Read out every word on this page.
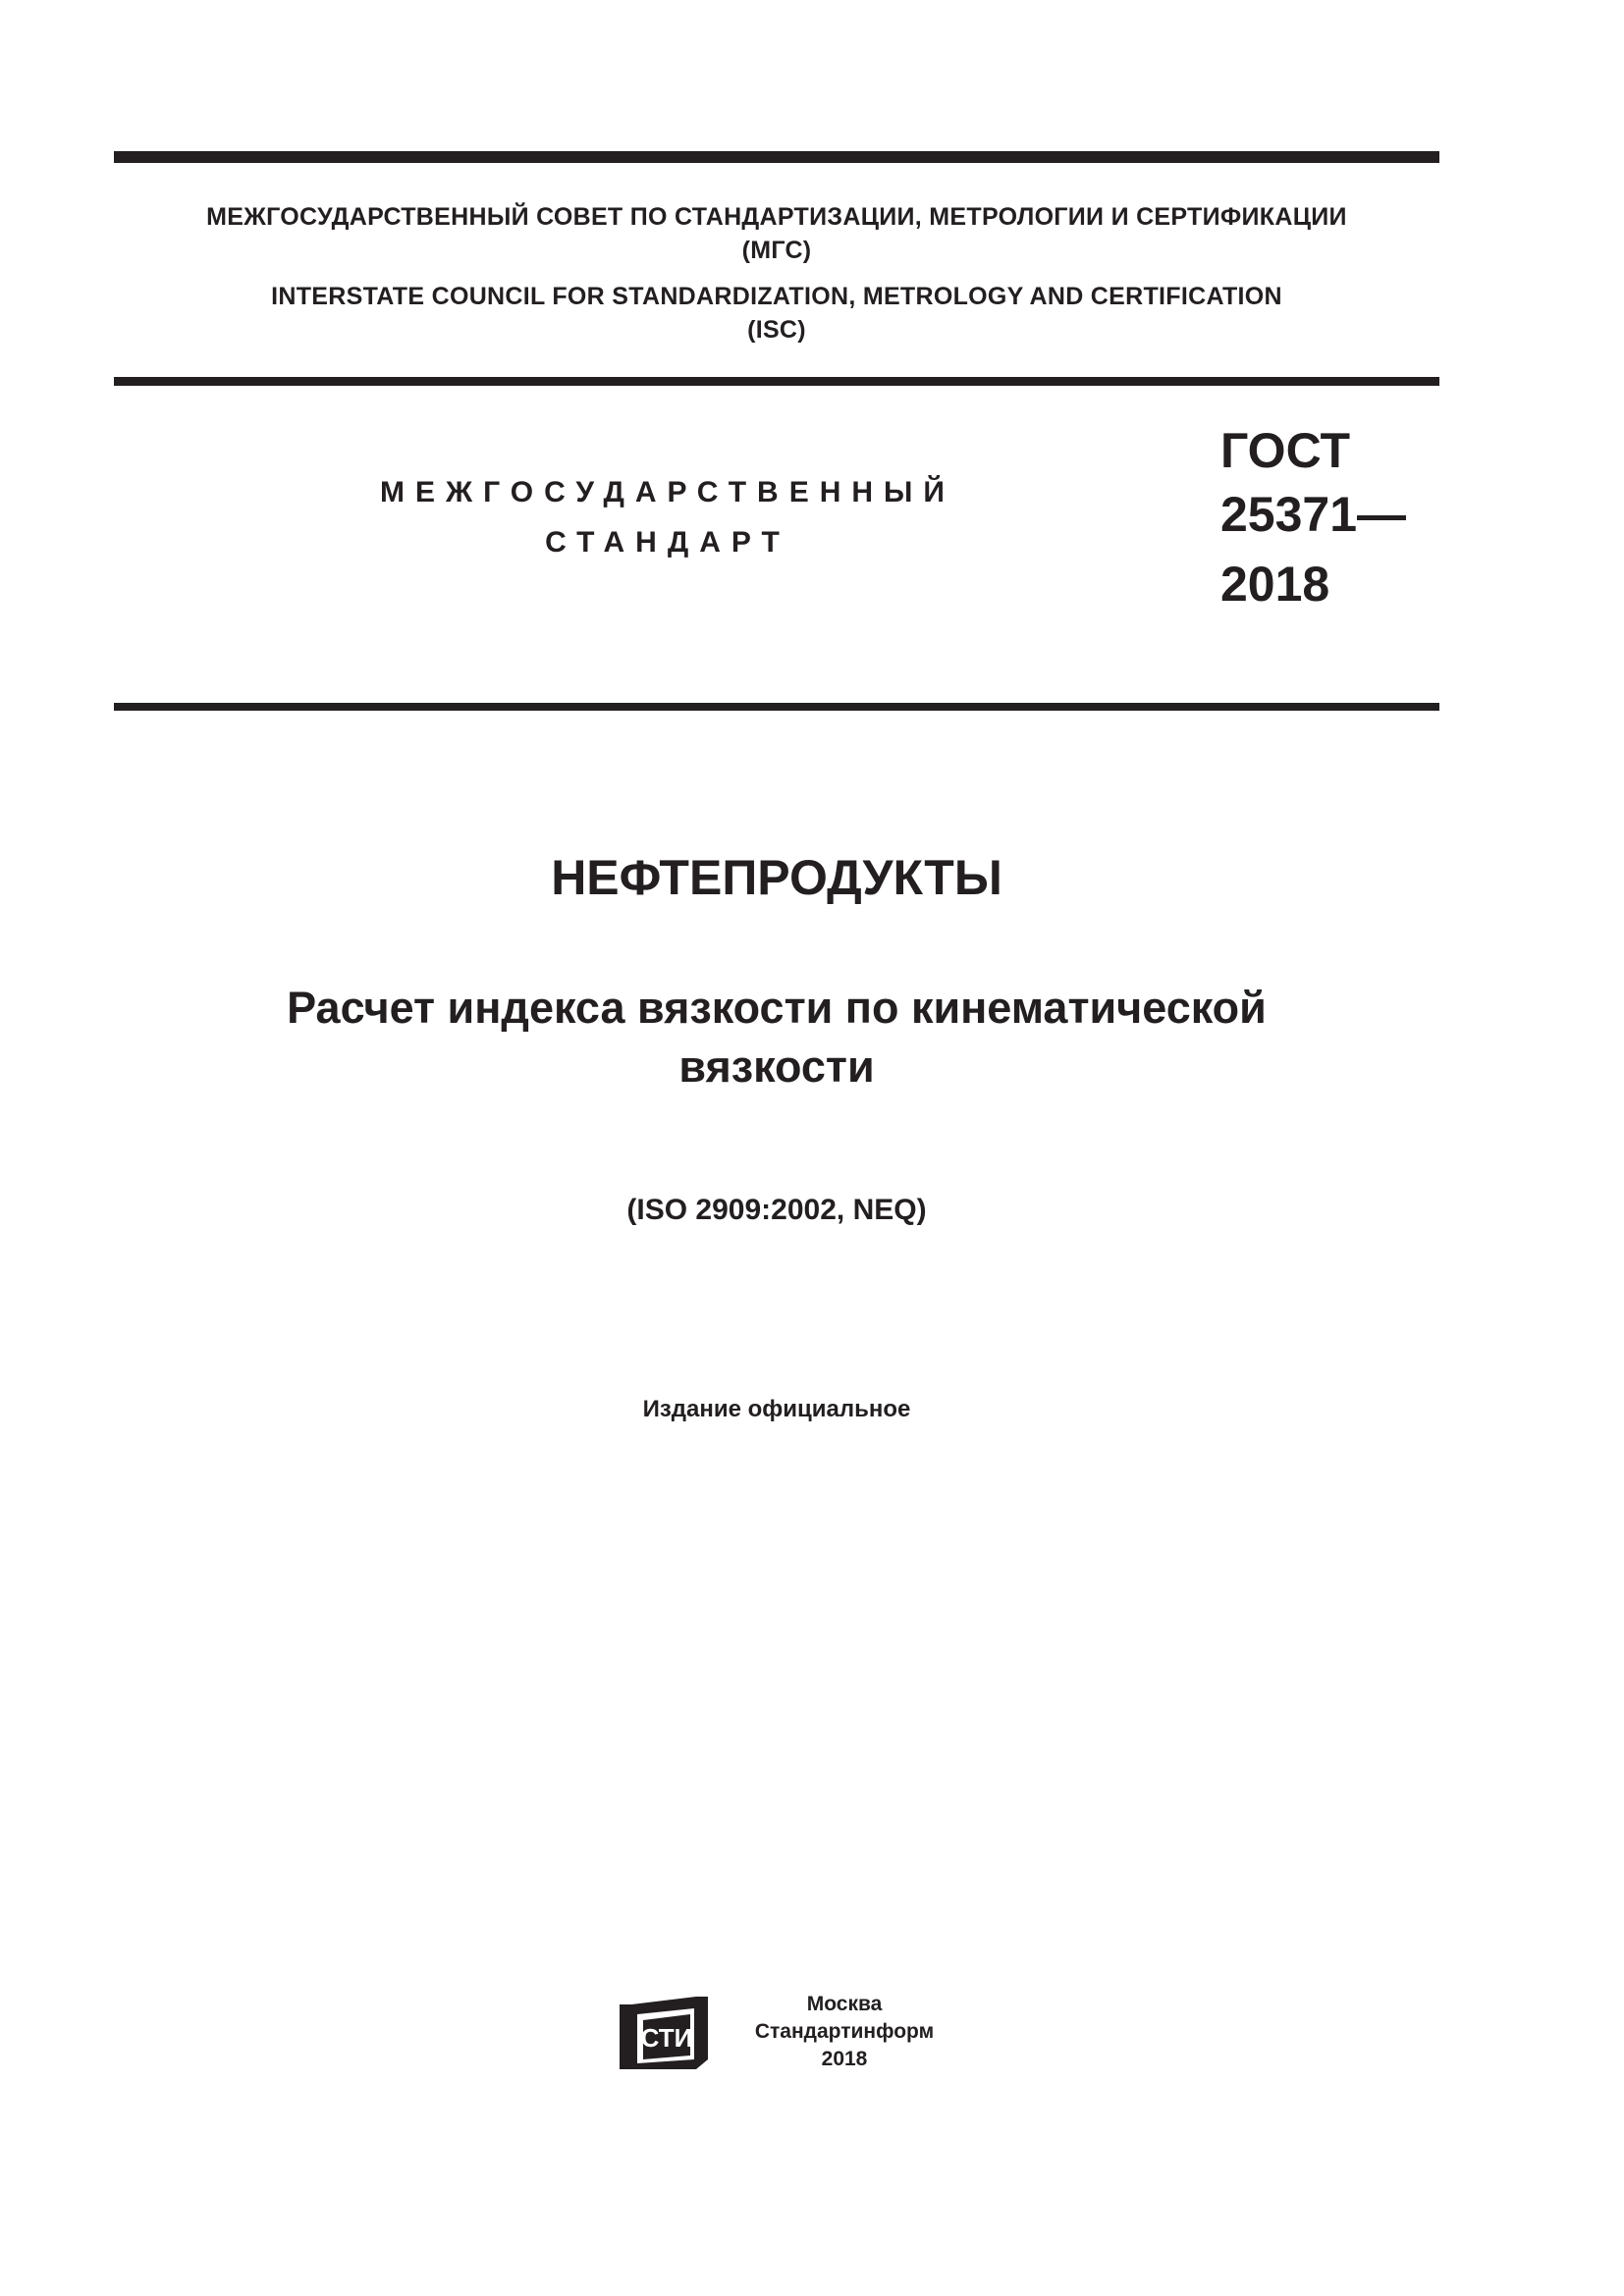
МЕЖГОСУДАРСТВЕННЫЙ СОВЕТ ПО СТАНДАРТИЗАЦИИ, МЕТРОЛОГИИ И СЕРТИФИКАЦИИ
(МГС)
INTERSTATE COUNCIL FOR STANDARDIZATION, METROLOGY AND CERTIFICATION
(ISC)
МЕЖГОСУДАРСТВЕННЫЙ
СТАНДАРТ
ГОСТ
25371—
2018
НЕФТЕПРОДУКТЫ
Расчет индекса вязкости по кинематической
вязкости
(ISO 2909:2002, NEQ)
Издание официальное
СТИ
Москва
Стандартинформ
2018
